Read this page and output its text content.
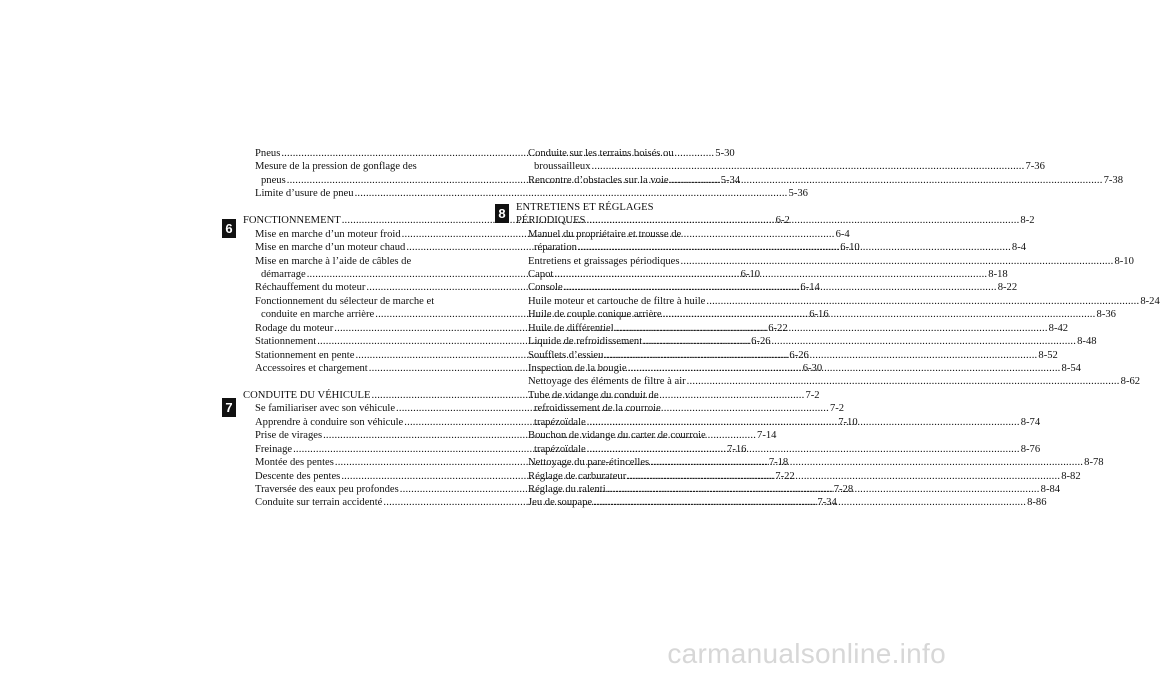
Pneus .....	5-30
Mesure de la pression de gonflage des
pneus .....	5-34
Limite d’usure de pneu .....	5-36
FONCTIONNEMENT .....	6-2
Mise en marche d’un moteur froid .....	6-4
Mise en marche d’un moteur chaud .....	6-10
Mise en marche à l’aide de câbles de
démarrage .....	6-10
Réchauffement du moteur .....	6-14
Fonctionnement du sélecteur de marche et
conduite en marche arrière .....	6-16
Rodage du moteur .....	6-22
Stationnement .....	6-26
Stationnement en pente .....	6-26
Accessoires et chargement .....	6-30
CONDUITE DU VÉHICULE .....	7-2
Se familiariser avec son véhicule .....	7-2
Apprendre à conduire son véhicule .....	7-10
Prise de virages .....	7-14
Freinage .....	7-16
Montée des pentes .....	7-18
Descente des pentes .....	7-22
Traversée des eaux peu profondes .....	7-28
Conduite sur terrain accidenté .....	7-34
Conduite sur les terrains boisés ou
broussailleux .....	7-36
Rencontre d’obstacles sur la voie .....	7-38
ENTRETIENS ET RÉGLAGES
PÉRIODIQUES .....	8-2
Manuel du propriétaire et trousse de
réparation .....	8-4
Entretiens et graissages périodiques .....	8-10
Capot .....	8-18
Console .....	8-22
Huile moteur et cartouche de filtre à huile .....	8-24
Huile de couple conique arrière .....	8-36
Huile de différentiel .....	8-42
Liquide de refroidissement .....	8-48
Soufflets d’essieu .....	8-52
Inspection de la bougie .....	8-54
Nettoyage des éléments de filtre à air .....	8-62
Tube de vidange du conduit de
refroidissement de la courroie
trapézoïdale .....	8-74
Bouchon de vidange du carter de courroie
trapézoïdale .....	8-76
Nettoyage du pare-étincelles .....	8-78
Réglage de carburateur .....	8-82
Réglage du ralenti .....	8-84
Jeu de soupape .....	8-86
6
7
8
carmanualsonline.info
